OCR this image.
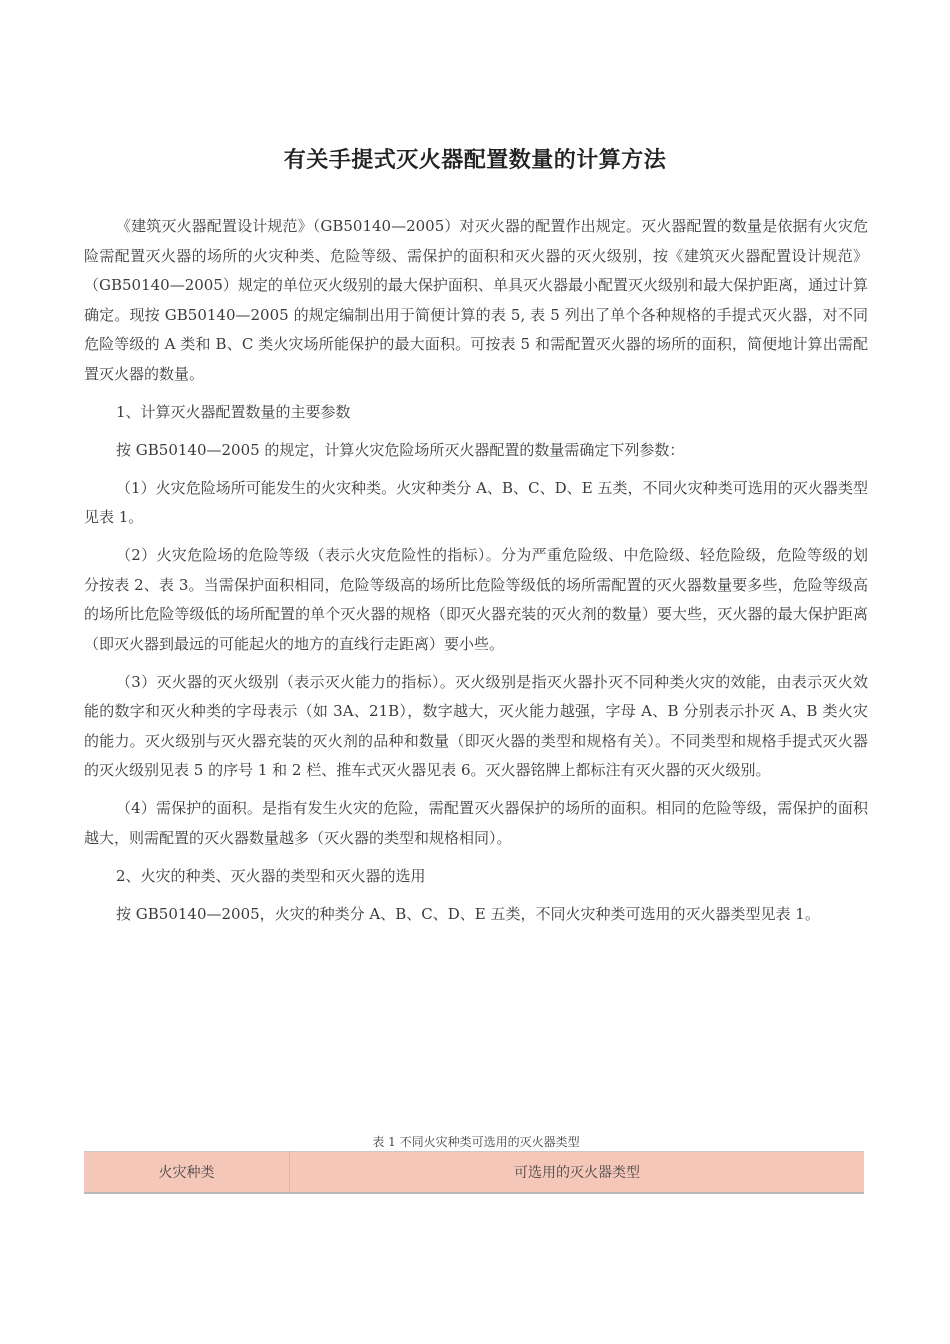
有关手提式灭火器配置数量的计算方法

《建筑灭火器配置设计规范》（GB50140—2005）对灭火器的配置作出规定。灭火器配置的数量是依据有火灾危险需配置灭火器的场所的火灾种类、危险等级、需保护的面积和灭火器的灭火级别，按《建筑灭火器配置设计规范》（GB50140—2005）规定的单位灭火级别的最大保护面积、单具灭火器最小配置灭火级别和最大保护距离，通过计算确定。现按 GB50140—2005 的规定编制出用于简便计算的表 5, 表 5 列出了单个各种规格的手提式灭火器，对不同危险等级的 A 类和 B、C 类火灾场所能保护的最大面积。可按表 5 和需配置灭火器的场所的面积，简便地计算出需配置灭火器的数量。

1、计算灭火器配置数量的主要参数

按 GB50140—2005 的规定，计算火灾危险场所灭火器配置的数量需确定下列参数：

（1）火灾危险场所可能发生的火灾种类。火灾种类分 A、B、C、D、E 五类，不同火灾种类可选用的灭火器类型见表 1。

（2）火灾危险场的危险等级（表示火灾危险性的指标）。分为严重危险级、中危险级、轻危险级，危险等级的划分按表 2、表 3。当需保护面积相同，危险等级高的场所比危险等级低的场所需配置的灭火器数量要多些，危险等级高的场所比危险等级低的场所配置的单个灭火器的规格（即灭火器充装的灭火剂的数量）要大些，灭火器的最大保护距离（即灭火器到最远的可能起火的地方的直线行走距离）要小些。

（3）灭火器的灭火级别（表示灭火能力的指标）。灭火级别是指灭火器扑灭不同种类火灾的效能，由表示灭火效能的数字和灭火种类的字母表示（如 3A、21B），数字越大，灭火能力越强，字母 A、B 分别表示扑灭 A、B 类火灾的能力。灭火级别与灭火器充装的灭火剂的品种和数量（即灭火器的类型和规格有关）。不同类型和规格手提式灭火器的灭火级别见表 5 的序号 1 和 2 栏、推车式灭火器见表 6。灭火器铭牌上都标注有灭火器的灭火级别。

（4）需保护的面积。是指有发生火灾的危险，需配置灭火器保护的场所的面积。相同的危险等级，需保护的面积越大，则需配置的灭火器数量越多（灭火器的类型和规格相同）。

2、火灾的种类、灭火器的类型和灭火器的选用

按 GB50140—2005，火灾的种类分 A、B、C、D、E 五类，不同火灾种类可选用的灭火器类型见表 1。

表 1 不同火灾种类可选用的灭火器类型
火灾种类	可选用的灭火器类型
